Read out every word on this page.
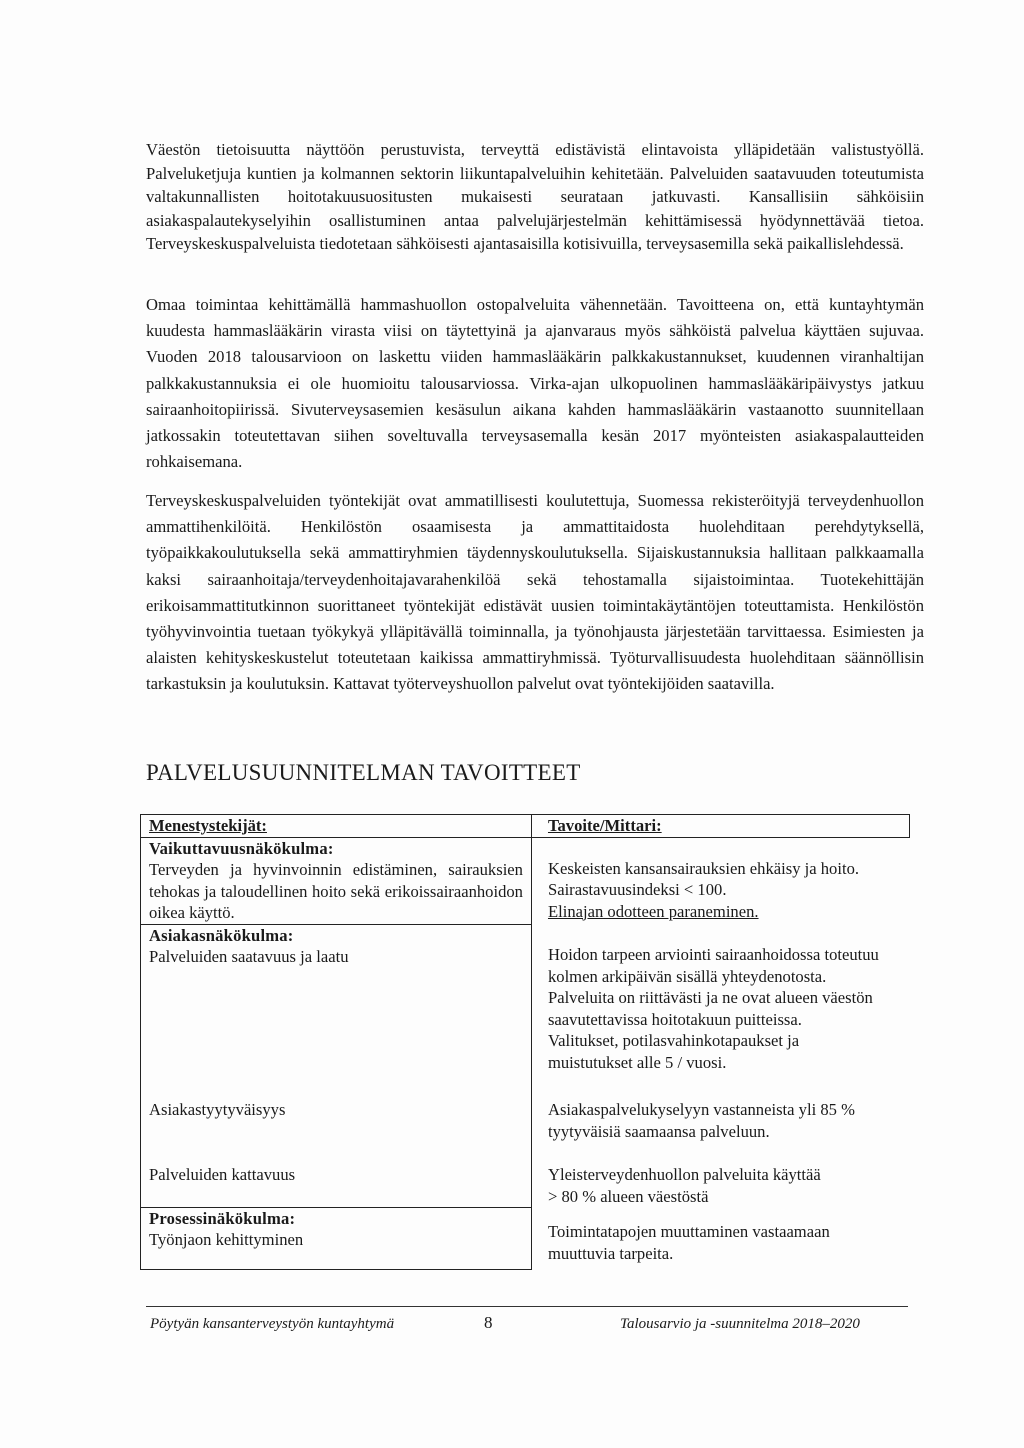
Väestön tietoisuutta näyttöön perustuvista, terveyttä edistävistä elintavoista ylläpidetään valistustyöllä. Palveluketjuja kuntien ja kolmannen sektorin liikuntapalveluihin kehitetään. Palveluiden saatavuuden toteutumista valtakunnallisten hoitotakuusuositusten mukaisesti seurataan jatkuvasti. Kansallisiin sähköisiin asiakaspalautekyselyihin osallistuminen antaa palvelujärjestelmän kehittämisessä hyödynnettävää tietoa. Terveyskeskuspalveluista tiedotetaan sähköisesti ajantasaisilla kotisivuilla, terveysasemilla sekä paikallislehdessä.

Omaa toimintaa kehittämällä hammashuollon ostopalveluita vähennetään. Tavoitteena on, että kuntayhtymän kuudesta hammaslääkärin virasta viisi on täytettyinä ja ajanvaraus myös sähköistä palvelua käyttäen sujuvaa. Vuoden 2018 talousarvioon on laskettu viiden hammaslääkärin palkkakustannukset, kuudennen viranhaltijan palkkakustannuksia ei ole huomioitu talousarviossa. Virka-ajan ulkopuolinen hammaslääkäripäivystys jatkuu sairaanhoitopiirissä. Sivuterveysasemien kesäsulun aikana kahden hammaslääkärin vastaanotto suunnitellaan jatkossakin toteutettavan siihen soveltuvalla terveysasemalla kesän 2017 myönteisten asiakaspalautteiden rohkaisemana.

Terveyskeskuspalveluiden työntekijät ovat ammatillisesti koulutettuja, Suomessa rekisteröityjä terveydenhuollon ammattihenkilöitä. Henkilöstön osaamisesta ja ammattitaidosta huolehditaan perehdytyksellä, työpaikkakoulutuksella sekä ammattiryhmien täydennyskoulutuksella. Sijaiskustannuksia hallitaan palkkaamalla kaksi sairaanhoitaja/terveydenhoitajavarahenkilöä sekä tehostamalla sijaistoimintaa. Tuotekehittäjän erikoisammattitutkinnon suorittaneet työntekijät edistävät uusien toimintakäytäntöjen toteuttamista. Henkilöstön työhyvinvointia tuetaan työkykyä ylläpitävällä toiminnalla, ja työnohjausta järjestetään tarvittaessa. Esimiesten ja alaisten kehityskeskustelut toteutetaan kaikissa ammattiryhmissä. Työturvallisuudesta huolehditaan säännöllisin tarkastuksin ja koulutuksin. Kattavat työterveyshuollon palvelut ovat työntekijöiden saatavilla.

PALVELUSUUNNITELMAN TAVOITTEET
Menestystekijät:	Tavoite/Mittari:

Vaikuttavuusnäkökulma:
Terveyden ja hyvinvoinnin edistäminen, sairauksien tehokas ja taloudellinen hoito sekä erikoissairaanhoidon oikea käyttö.	Keskeisten kansansairauksien ehkäisy ja hoito.
Sairastavuusindeksi < 100.
Elinajan odotteen paraneminen.

Asiakasnäkökulma:
Palveluiden saatavuus ja laatu	Hoidon tarpeen arviointi sairaanhoidossa toteutuu kolmen arkipäivän sisällä yhteydenotosta.
Palveluita on riittävästi ja ne ovat alueen väestön saavutettavissa hoitotakuun puitteissa.
Valitukset, potilasvahinkotapaukset ja muistutukset alle 5 / vuosi.

Asiakastyytyväisyys	Asiakaspalvelukyselyyn vastanneista yli 85 % tyytyväisiä saamaansa palveluun.
Palveluiden kattavuus	Yleisterveydenhuollon palveluita käyttää
> 80 % alueen väestöstä

Prosessinäkökulma:
Työnjaon kehittyminen	Toimintatapojen muuttaminen vastaamaan muuttuvia tarpeita.
Pöytyän kansanterveystyön kuntayhtymä	8	Talousarvio ja -suunnitelma 2018–2020
